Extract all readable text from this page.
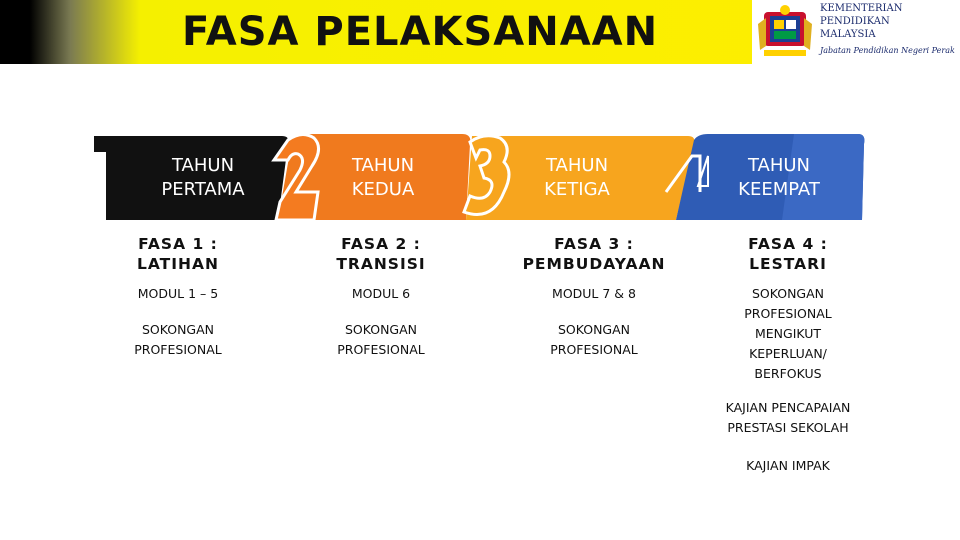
FASA PELAKSANAAN
KEMENTERIAN
PENDIDIKAN
MALAYSIA
Jabatan Pendidikan Negeri Perak
TAHUN
PERTAMA
TAHUN
KEDUA
TAHUN
KETIGA
TAHUN
KEEMPAT
FASA 1 :
LATIHAN
FASA 2 :
TRANSISI
FASA 3 :
PEMBUDAYAAN
FASA 4 :
LESTARI
MODUL 1 – 5	MODUL 6	MODUL 7 & 8
SOKONGAN
PROFESIONAL
SOKONGAN
PROFESIONAL
SOKONGAN
PROFESIONAL
SOKONGAN
PROFESIONAL
MENGIKUT
KEPERLUAN/
BERFOKUS
KAJIAN PENCAPAIAN
PRESTASI SEKOLAH
KAJIAN IMPAK
